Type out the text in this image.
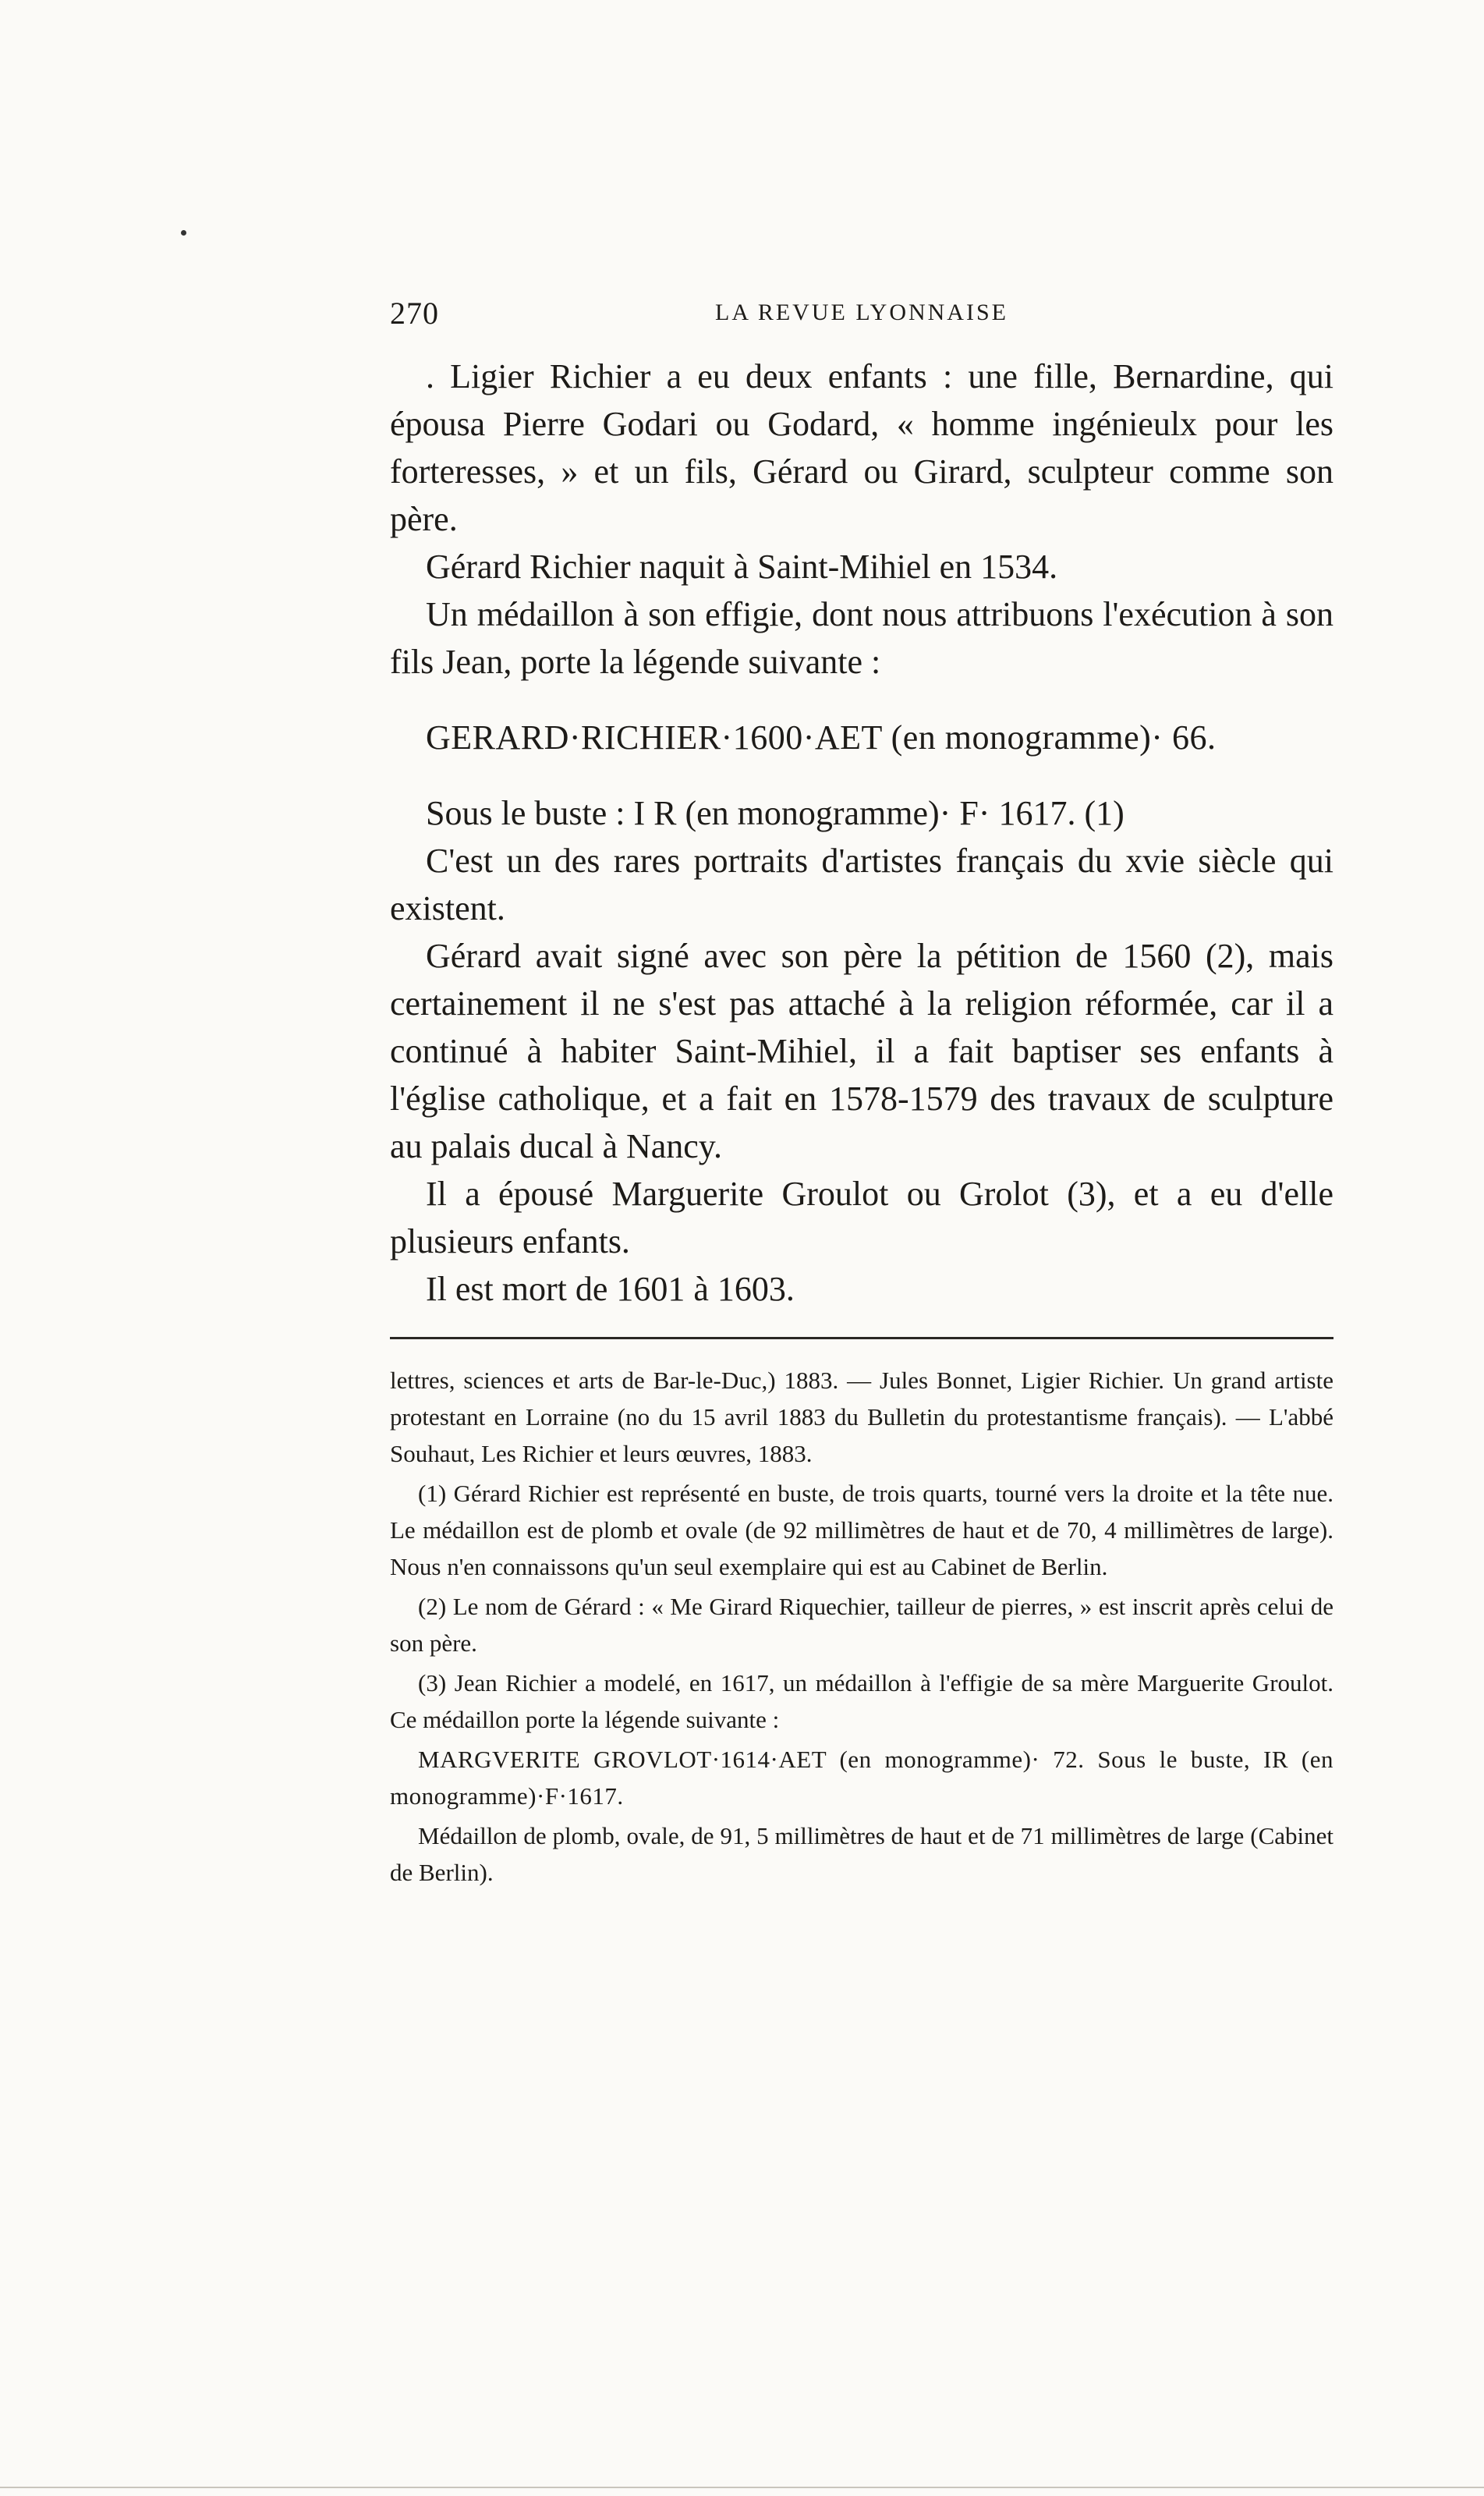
270	LA REVUE LYONNAISE

. Ligier Richier a eu deux enfants : une fille, Bernardine, qui épousa Pierre Godari ou Godard, « homme ingénieulx pour les forteresses, » et un fils, Gérard ou Girard, sculpteur comme son père.

Gérard Richier naquit à Saint-Mihiel en 1534.

Un médaillon à son effigie, dont nous attribuons l'exécution à son fils Jean, porte la légende suivante :

GERARD·RICHIER·1600·AET (en monogramme)· 66.

Sous le buste : I R (en monogramme)· F· 1617. (1)

C'est un des rares portraits d'artistes français du xvie siècle qui existent.

Gérard avait signé avec son père la pétition de 1560 (2), mais certainement il ne s'est pas attaché à la religion réformée, car il a continué à habiter Saint-Mihiel, il a fait baptiser ses enfants à l'église catholique, et a fait en 1578-1579 des travaux de sculpture au palais ducal à Nancy.

Il a épousé Marguerite Groulot ou Grolot (3), et a eu d'elle plusieurs enfants.

Il est mort de 1601 à 1603.

lettres, sciences et arts de Bar-le-Duc,) 1883. — Jules Bonnet, Ligier Richier. Un grand artiste protestant en Lorraine (no du 15 avril 1883 du Bulletin du protestantisme français). — L'abbé Souhaut, Les Richier et leurs œuvres, 1883.

(1) Gérard Richier est représenté en buste, de trois quarts, tourné vers la droite et la tête nue. Le médaillon est de plomb et ovale (de 92 millimètres de haut et de 70, 4 millimètres de large). Nous n'en connaissons qu'un seul exemplaire qui est au Cabinet de Berlin.

(2) Le nom de Gérard : « Me Girard Riquechier, tailleur de pierres, » est inscrit après celui de son père.

(3) Jean Richier a modelé, en 1617, un médaillon à l'effigie de sa mère Marguerite Groulot. Ce médaillon porte la légende suivante :

MARGVERITE GROVLOT·1614·AET (en monogramme)· 72. Sous le buste, IR (en monogramme)·F·1617.

Médaillon de plomb, ovale, de 91, 5 millimètres de haut et de 71 millimètres de large (Cabinet de Berlin).
